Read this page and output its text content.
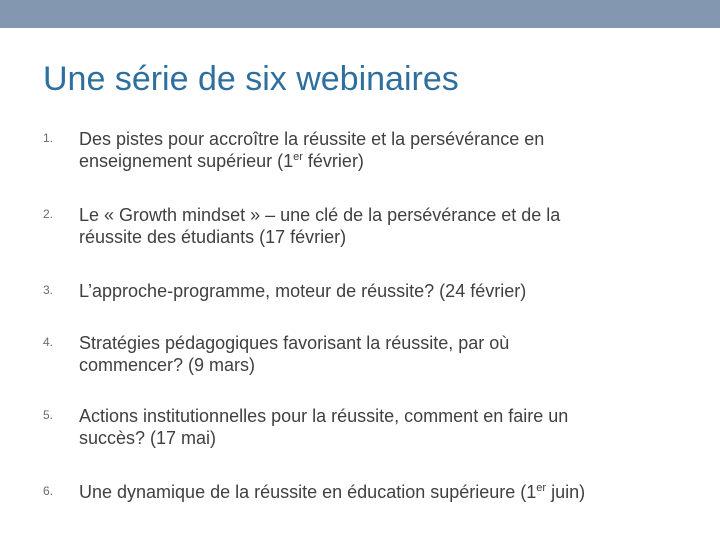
Une série de six webinaires
1. Des pistes pour accroître la réussite et la persévérance en
enseignement supérieur (1er février)
2. Le « Growth mindset » – une clé de la persévérance et de la
réussite des étudiants (17 février)
3. L’approche-programme, moteur de réussite? (24 février)
4. Stratégies pédagogiques favorisant la réussite, par où
commencer? (9 mars)
5. Actions institutionnelles pour la réussite, comment en faire un
succès? (17 mai)
6. Une dynamique de la réussite en éducation supérieure (1er juin)
